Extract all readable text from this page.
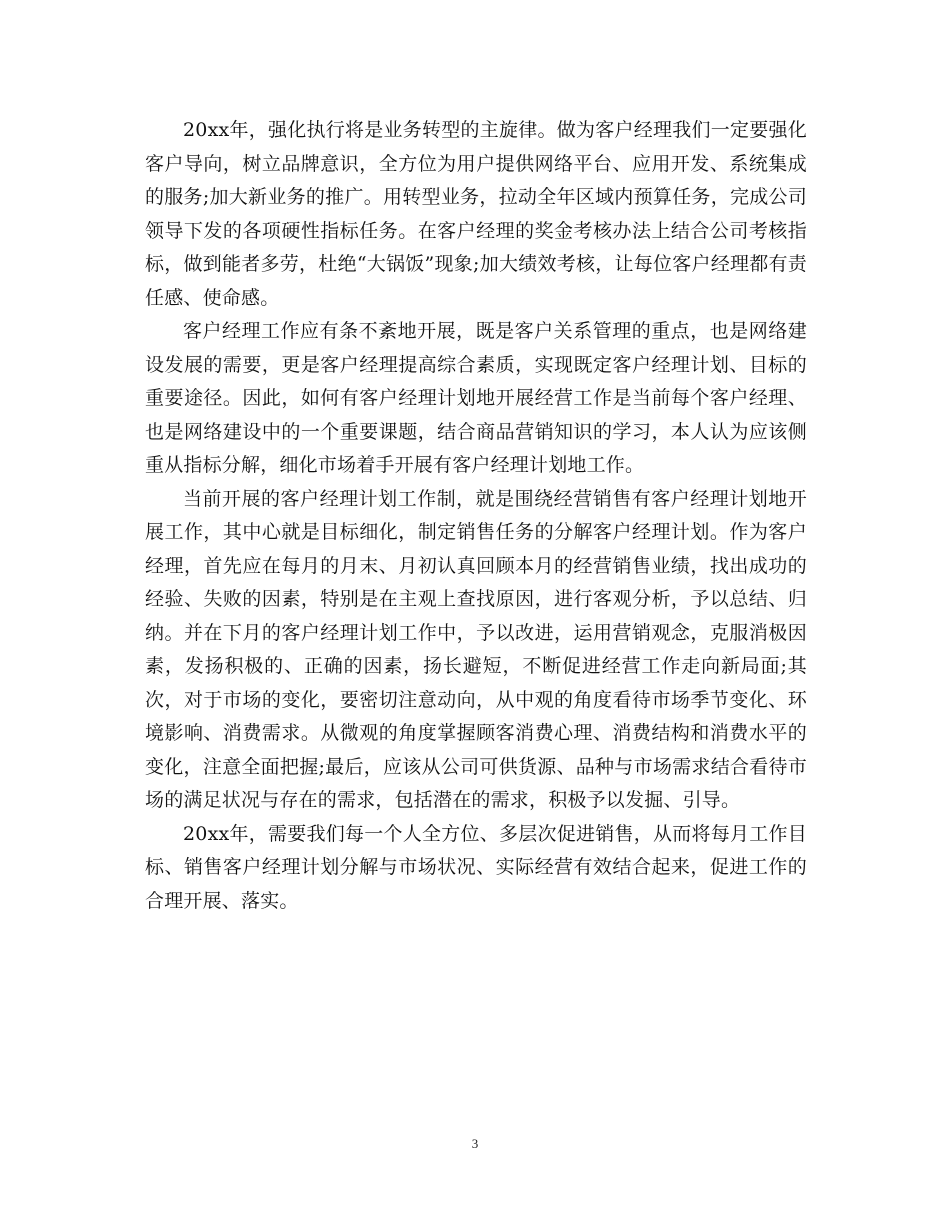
20xx年，强化执行将是业务转型的主旋律。做为客户经理我们一定要强化客户导向，树立品牌意识，全方位为用户提供网络平台、应用开发、系统集成的服务;加大新业务的推广。用转型业务，拉动全年区域内预算任务，完成公司领导下发的各项硬性指标任务。在客户经理的奖金考核办法上结合公司考核指标，做到能者多劳，杜绝“大锅饭”现象;加大绩效考核，让每位客户经理都有责任感、使命感。

客户经理工作应有条不紊地开展，既是客户关系管理的重点，也是网络建设发展的需要，更是客户经理提高综合素质，实现既定客户经理计划、目标的重要途径。因此，如何有客户经理计划地开展经营工作是当前每个客户经理、也是网络建设中的一个重要课题，结合商品营销知识的学习，本人认为应该侧重从指标分解，细化市场着手开展有客户经理计划地工作。

当前开展的客户经理计划工作制，就是围绕经营销售有客户经理计划地开展工作，其中心就是目标细化，制定销售任务的分解客户经理计划。作为客户经理，首先应在每月的月末、月初认真回顾本月的经营销售业绩，找出成功的经验、失败的因素，特别是在主观上查找原因，进行客观分析，予以总结、归纳。并在下月的客户经理计划工作中，予以改进，运用营销观念，克服消极因素，发扬积极的、正确的因素，扬长避短，不断促进经营工作走向新局面;其次，对于市场的变化，要密切注意动向，从中观的角度看待市场季节变化、环境影响、消费需求。从微观的角度掌握顾客消费心理、消费结构和消费水平的变化，注意全面把握;最后，应该从公司可供货源、品种与市场需求结合看待市场的满足状况与存在的需求，包括潜在的需求，积极予以发掘、引导。

20xx年，需要我们每一个人全方位、多层次促进销售，从而将每月工作目标、销售客户经理计划分解与市场状况、实际经营有效结合起来，促进工作的合理开展、落实。

3
